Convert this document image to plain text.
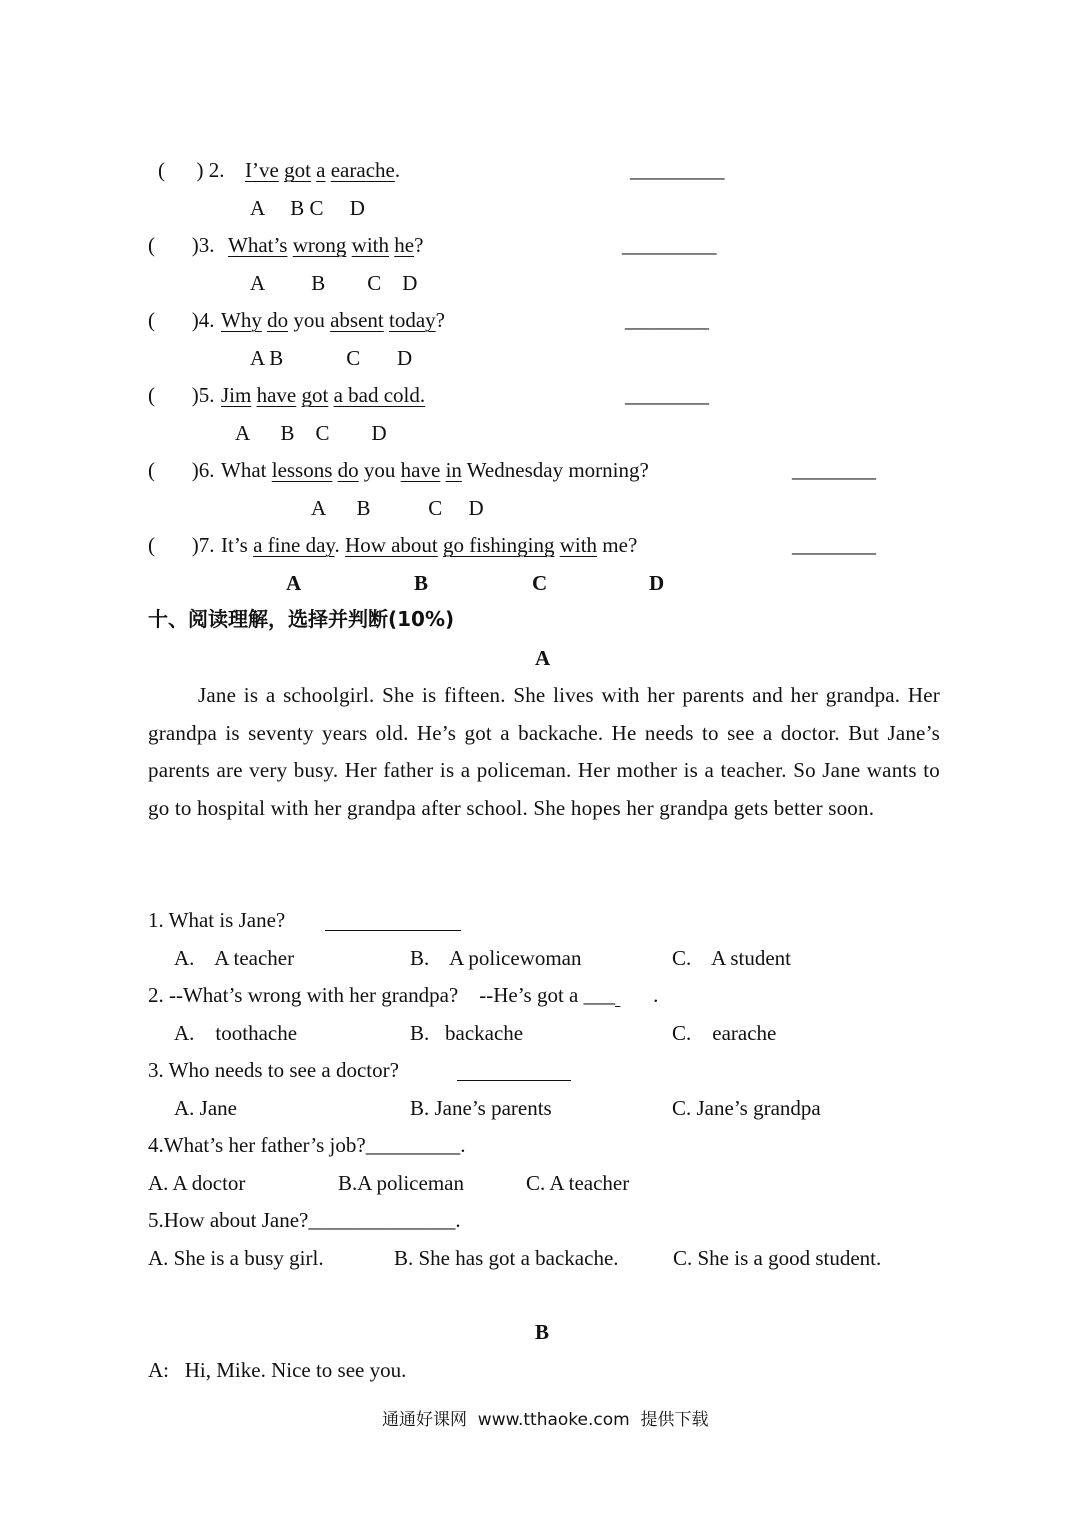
(      ) 2. I’ve got a earache.	_________
A     B C     D
(       )3. What’s wrong with he?	_________
A         B        C    D
(       )4. Why do you absent today?	________
A B            C       D
(       )5. Jim have got a bad cold.	________
A      B    C        D
(       )6. What lessons do you have in Wednesday morning?	________
A      B           C     D
(       )7. It’s a fine day. How about go fishinging with me?	________
A	B	C	D
十、阅读理解，选择并判断(10%)
A
Jane is a schoolgirl. She is fifteen. She lives with her parents and her grandpa. Her grandpa is seventy years old. He’s got a backache. He needs to see a doctor. But Jane’s parents are very busy. Her father is a policeman. Her mother is a teacher. So Jane wants to go to hospital with her grandpa after school. She hopes her grandpa gets better soon.
1. What is Jane?
A.    A teacher	B.    A policewoman	C.    A student
2. --What’s wrong with her grandpa?    --He’s got a ___ .
A.    toothache	B.   backache	C.    earache
3. Who needs to see a doctor?
A. Jane	B. Jane’s parents	C. Jane’s grandpa
4.What’s her father’s job?_________.
A. A doctor	B.A policeman	C. A teacher
5.How about Jane?______________.
A. She is a busy girl.	B. She has got a backache.	C. She is a good student.
B
A:   Hi, Mike. Nice to see you.
通通好课网  www.tthaoke.com  提供下载
